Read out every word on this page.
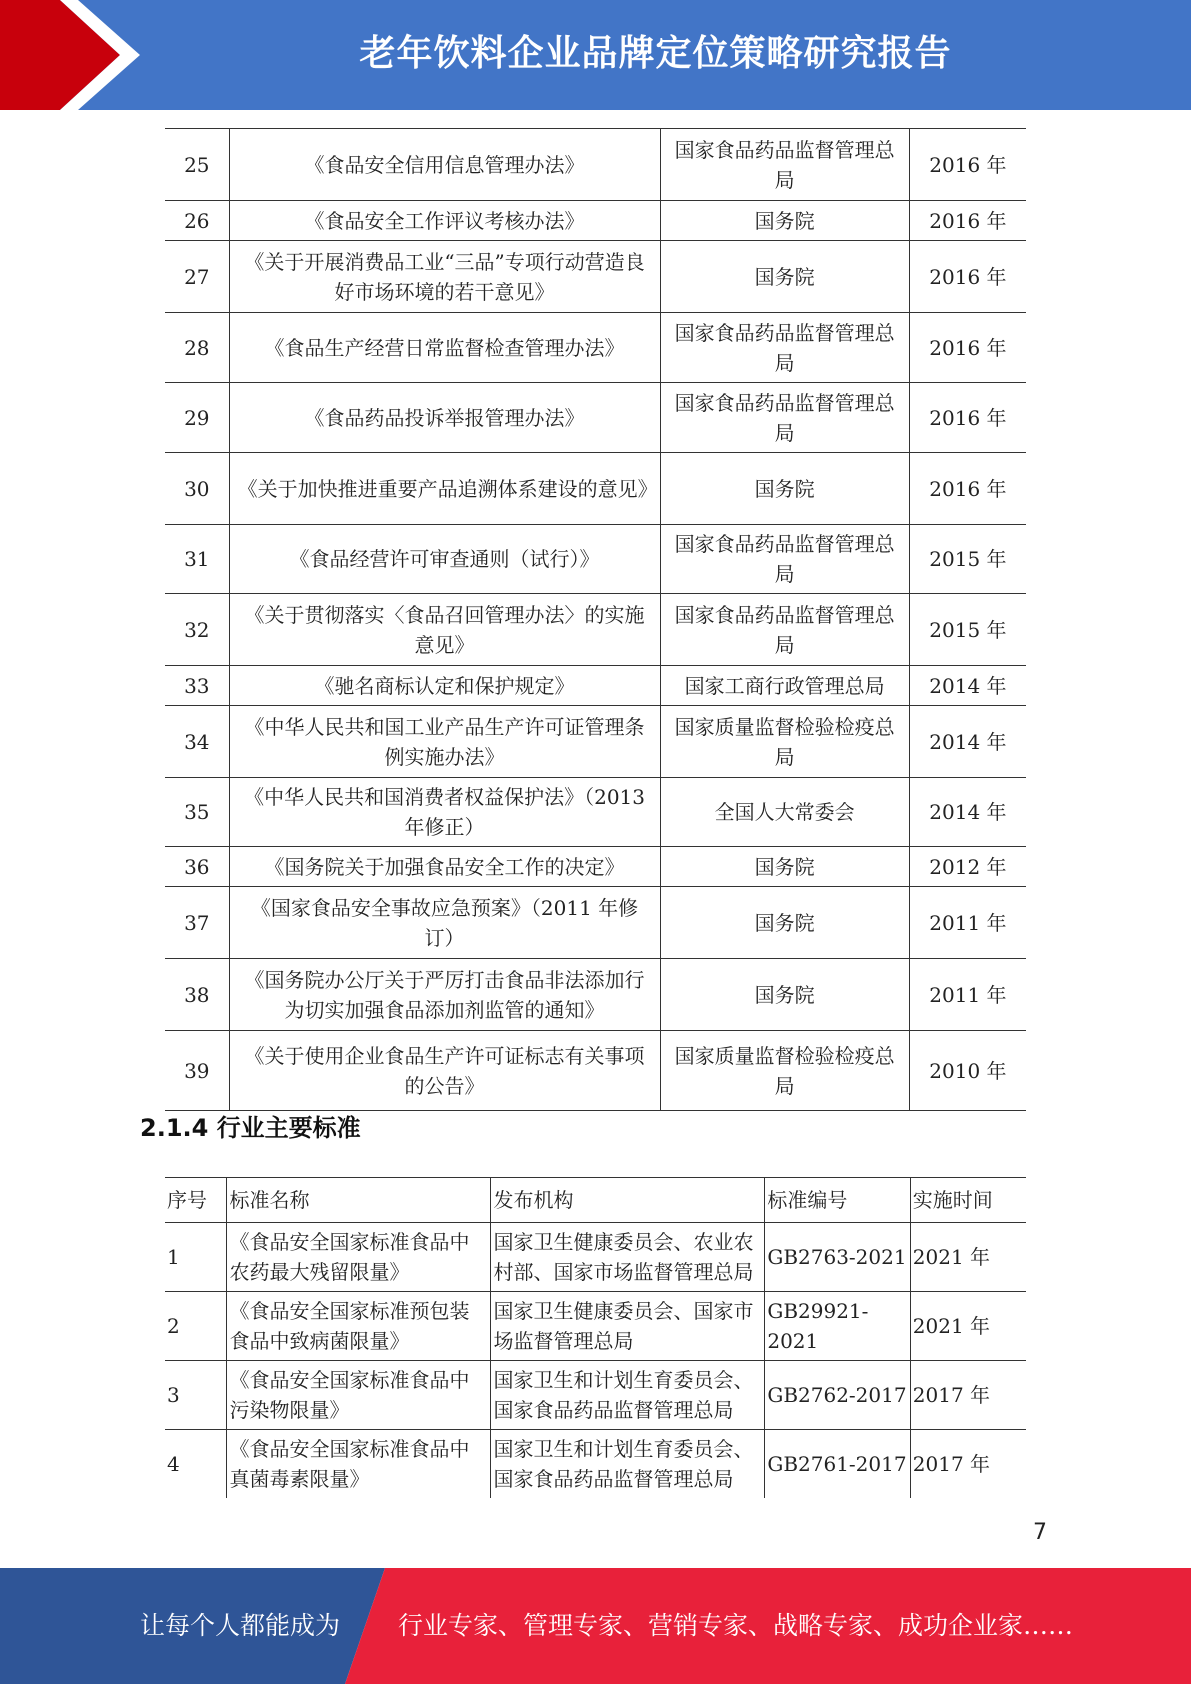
老年饮料企业品牌定位策略研究报告
25	《食品安全信用信息管理办法》	国家食品药品监督管理总局	2016 年
26	《食品安全工作评议考核办法》	国务院	2016 年
27	《关于开展消费品工业“三品”专项行动营造良好市场环境的若干意见》	国务院	2016 年
28	《食品生产经营日常监督检查管理办法》	国家食品药品监督管理总局	2016 年
29	《食品药品投诉举报管理办法》	国家食品药品监督管理总局	2016 年
30	《关于加快推进重要产品追溯体系建设的意见》	国务院	2016 年
31	《食品经营许可审查通则（试行）》	国家食品药品监督管理总局	2015 年
32	《关于贯彻落实〈食品召回管理办法〉的实施意见》	国家食品药品监督管理总局	2015 年
33	《驰名商标认定和保护规定》	国家工商行政管理总局	2014 年
34	《中华人民共和国工业产品生产许可证管理条例实施办法》	国家质量监督检验检疫总局	2014 年
35	《中华人民共和国消费者权益保护法》（2013 年修正）	全国人大常委会	2014 年
36	《国务院关于加强食品安全工作的决定》	国务院	2012 年
37	《国家食品安全事故应急预案》（2011 年修订）	国务院	2011 年
38	《国务院办公厅关于严厉打击食品非法添加行为切实加强食品添加剂监管的通知》	国务院	2011 年
39	《关于使用企业食品生产许可证标志有关事项的公告》	国家质量监督检验检疫总局	2010 年
2.1.4 行业主要标准
序号	标准名称	发布机构	标准编号	实施时间
1	《食品安全国家标准食品中农药最大残留限量》	国家卫生健康委员会、农业农村部、国家市场监督管理总局	GB2763-2021	2021 年
2	《食品安全国家标准预包装食品中致病菌限量》	国家卫生健康委员会、国家市场监督管理总局	GB29921-2021	2021 年
3	《食品安全国家标准食品中污染物限量》	国家卫生和计划生育委员会、国家食品药品监督管理总局	GB2762-2017	2017 年
4	《食品安全国家标准食品中真菌毒素限量》	国家卫生和计划生育委员会、国家食品药品监督管理总局	GB2761-2017	2017 年
7
让每个人都能成为 行业专家、管理专家、营销专家、战略专家、成功企业家……
